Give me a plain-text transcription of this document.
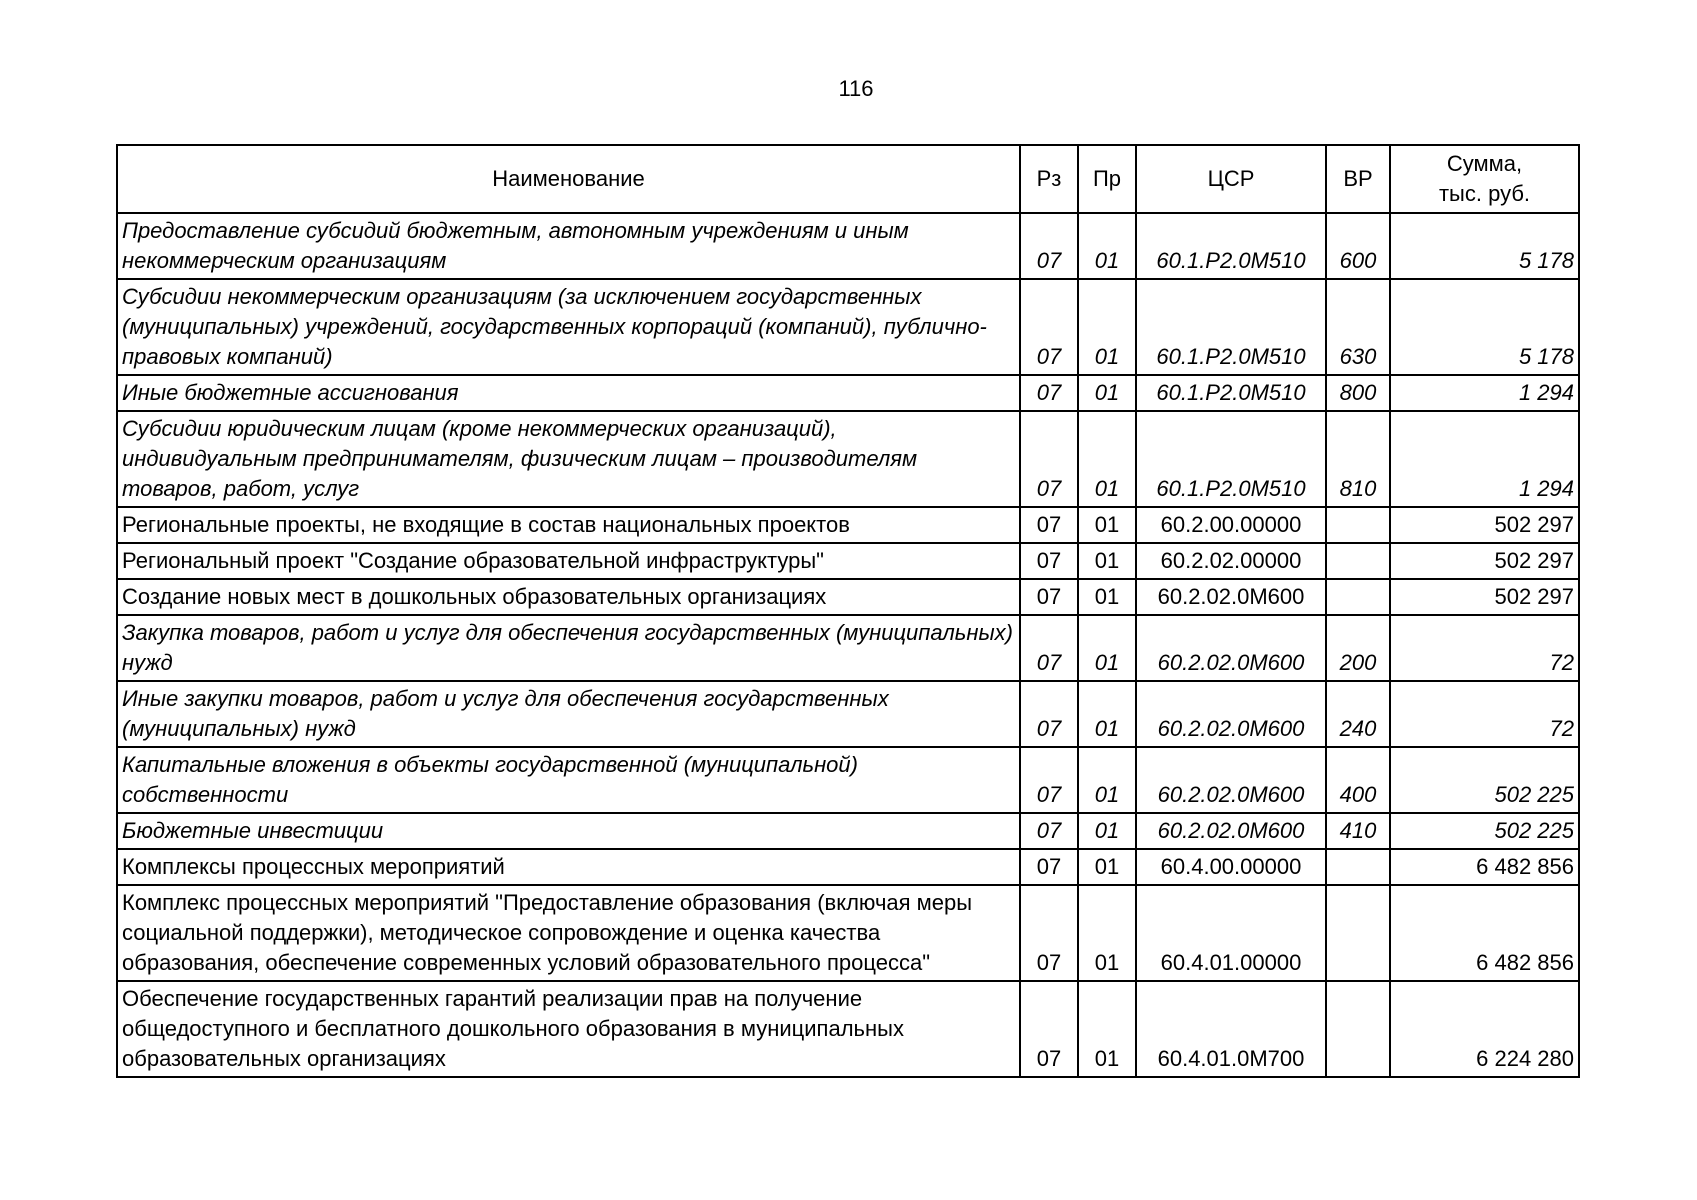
116
Наименование	Рз	Пр	ЦСР	ВР	Сумма,
тыс. руб.
Предоставление субсидий бюджетным, автономным учреждениям и иным некоммерческим организациям	07	01	60.1.Р2.0М510	600	5 178
Субсидии некоммерческим организациям (за исключением государственных (муниципальных) учреждений, государственных корпораций (компаний), публично-правовых компаний)	07	01	60.1.Р2.0М510	630	5 178
Иные бюджетные ассигнования	07	01	60.1.Р2.0М510	800	1 294
Субсидии юридическим лицам (кроме некоммерческих организаций), индивидуальным предпринимателям, физическим лицам – производителям товаров, работ, услуг	07	01	60.1.Р2.0М510	810	1 294
Региональные проекты, не входящие в состав национальных проектов	07	01	60.2.00.00000		502 297
Региональный проект "Создание образовательной инфраструктуры"	07	01	60.2.02.00000		502 297
Создание новых мест в дошкольных образовательных организациях	07	01	60.2.02.0М600		502 297
Закупка товаров, работ и услуг для обеспечения государственных (муниципальных) нужд	07	01	60.2.02.0М600	200	72
Иные закупки товаров, работ и услуг для обеспечения государственных (муниципальных) нужд	07	01	60.2.02.0М600	240	72
Капитальные вложения в объекты государственной (муниципальной) собственности	07	01	60.2.02.0М600	400	502 225
Бюджетные инвестиции	07	01	60.2.02.0М600	410	502 225
Комплексы процессных мероприятий	07	01	60.4.00.00000		6 482 856
Комплекс процессных мероприятий "Предоставление образования (включая меры социальной поддержки), методическое сопровождение и оценка качества образования, обеспечение современных условий образовательного процесса"	07	01	60.4.01.00000		6 482 856
Обеспечение государственных гарантий реализации прав на получение общедоступного и бесплатного дошкольного образования в муниципальных образовательных организациях	07	01	60.4.01.0М700		6 224 280
